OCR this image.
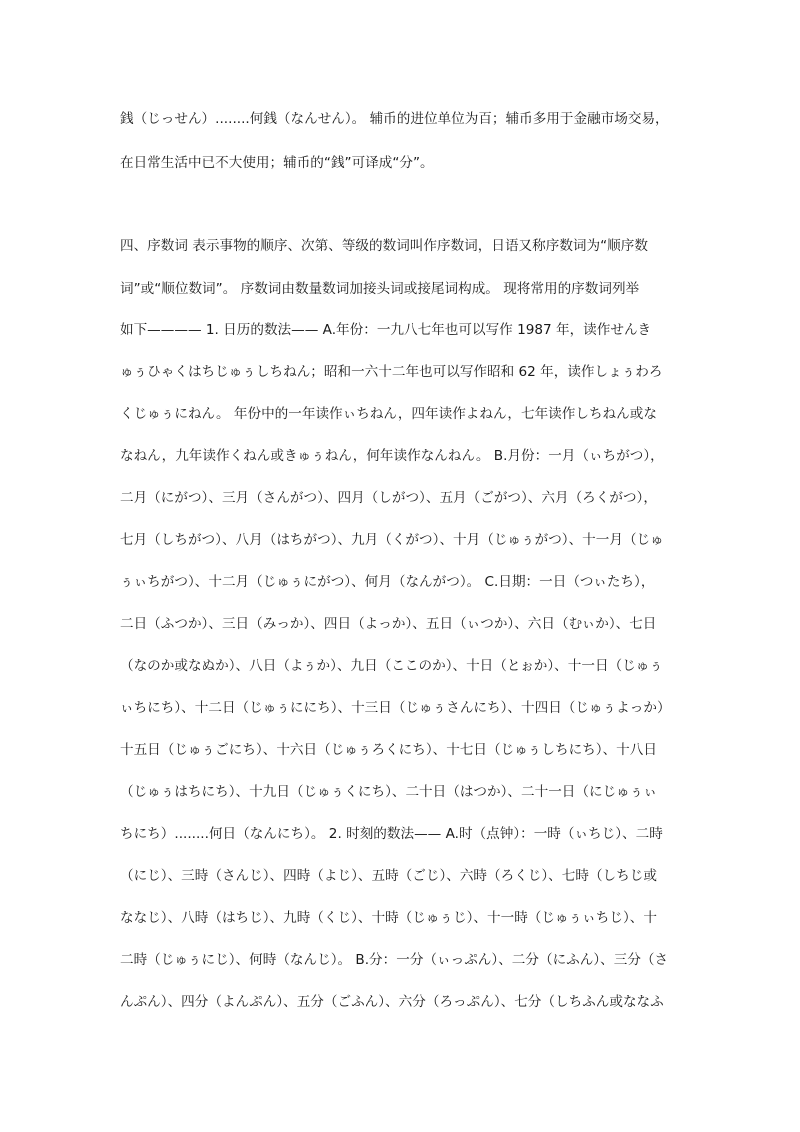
銭（じっせん）........何銭（なんせん）。 辅币的进位单位为百；辅币多用于金融市场交易，
在日常生活中已不大使用；辅币的“銭”可译成“分”。
四、序数词 表示事物的顺序、次第、等级的数词叫作序数词，日语又称序数词为“顺序数
词”或“顺位数词”。 序数词由数量数词加接头词或接尾词构成。 现将常用的序数词列举
如下———— 1. 日历的数法—— A.年份：一九八七年也可以写作 1987 年，读作せんき
ゅぅひゃくはちじゅぅしちねん；昭和一六十二年也可以写作昭和 62 年，读作しょぅわろ
くじゅぅにねん。 年份中的一年读作ぃちねん，四年读作よねん，七年读作しちねん或な
なねん，九年读作くねん或きゅぅねん，何年读作なんねん。 B.月份：一月（ぃちがつ），
二月（にがつ）、三月（さんがつ）、四月（しがつ）、五月（ごがつ）、六月（ろくがつ），
七月（しちがつ）、八月（はちがつ）、九月（くがつ）、十月（じゅぅがつ）、十一月（じゅ
ぅぃちがつ）、十二月（じゅぅにがつ）、何月（なんがつ）。 C.日期：一日（つぃたち），
二日（ふつか）、三日（みっか）、四日（よっか）、五日（ぃつか）、六日（むぃか）、七日
（なのか或なぬか）、八日（よぅか）、九日（ここのか）、十日（とぉか）、十一日（じゅぅ
ぃちにち）、十二日（じゅぅににち）、十三日（じゅぅさんにち）、十四日（じゅぅよっか）
十五日（じゅぅごにち）、十六日（じゅぅろくにち）、十七日（じゅぅしちにち）、十八日
（じゅぅはちにち）、十九日（じゅぅくにち）、二十日（はつか）、二十一日（にじゅぅぃ
ちにち）........何日（なんにち）。 2. 时刻的数法—— A.时（点钟）：一時（ぃちじ）、二時
（にじ）、三時（さんじ）、四時（よじ）、五時（ごじ）、六時（ろくじ）、七時（しちじ或
ななじ）、八時（はちじ）、九時（くじ）、十時（じゅぅじ）、十一時（じゅぅぃちじ）、十
二時（じゅぅにじ）、何時（なんじ）。 B.分：一分（ぃっぷん）、二分（にふん）、三分（さ
んぷん）、四分（よんぷん）、五分（ごふん）、六分（ろっぷん）、七分（しちふん或ななふ
